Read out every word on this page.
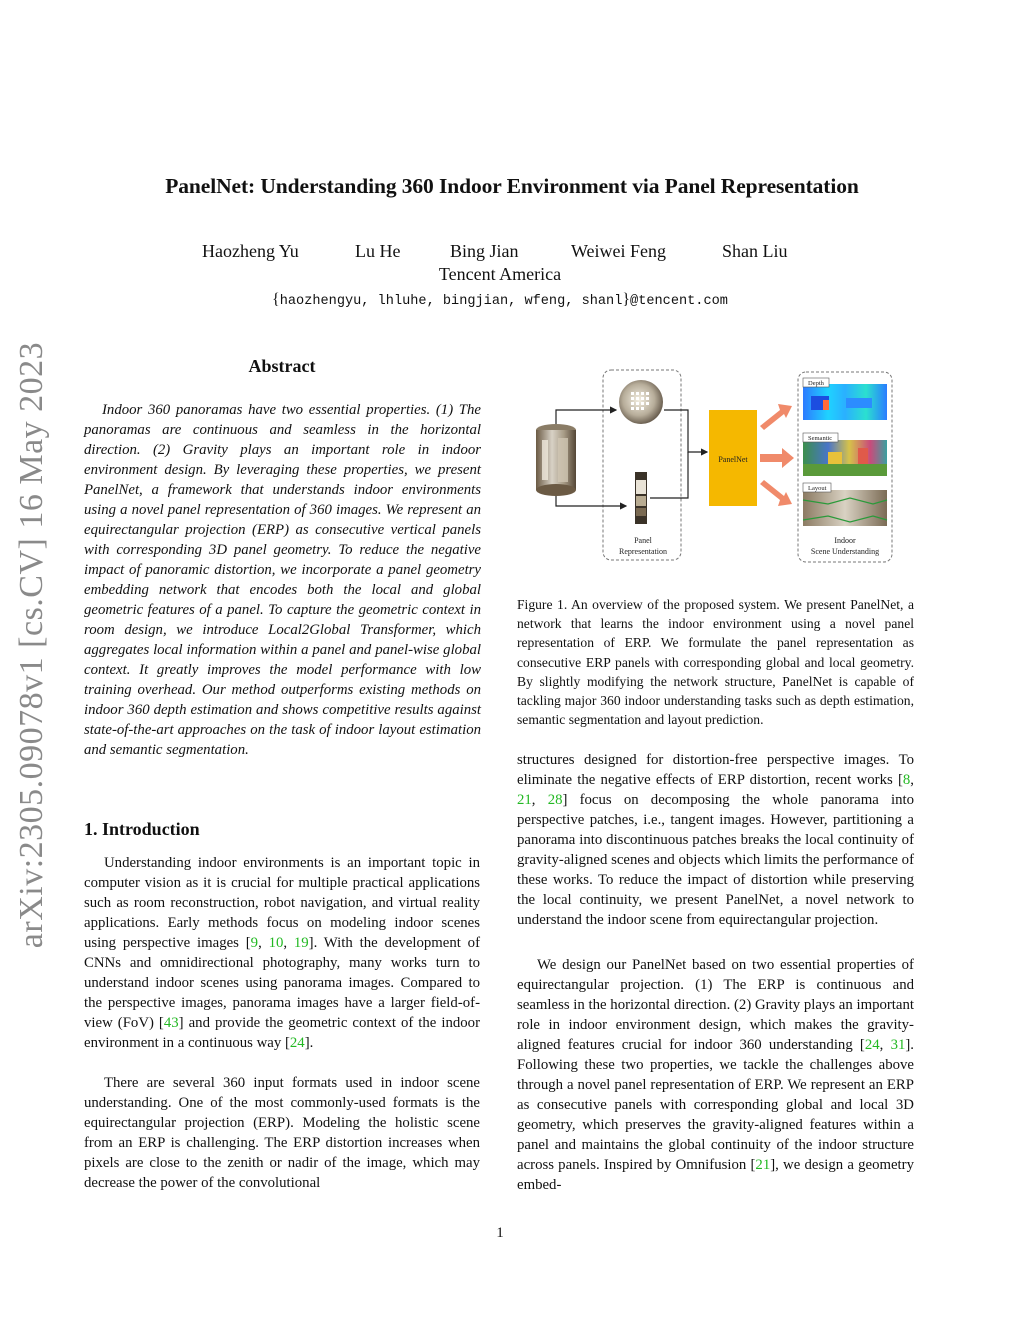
arXiv:2305.09078v1 [cs.CV] 16 May 2023
PanelNet: Understanding 360 Indoor Environment via Panel Representation
Haozheng Yu	Lu He	Bing Jian	Weiwei Feng	Shan Liu
Tencent America
{haozhengyu, lhluhe, bingjian, wfeng, shanl}@tencent.com
Abstract
Indoor 360 panoramas have two essential properties. (1) The panoramas are continuous and seamless in the horizontal direction. (2) Gravity plays an important role in indoor environment design. By leveraging these properties, we present PanelNet, a framework that understands indoor environments using a novel panel representation of 360 images. We represent an equirectangular projection (ERP) as consecutive vertical panels with corresponding 3D panel geometry. To reduce the negative impact of panoramic distortion, we incorporate a panel geometry embedding network that encodes both the local and global geometric features of a panel. To capture the geometric context in room design, we introduce Local2Global Transformer, which aggregates local information within a panel and panel-wise global context. It greatly improves the model performance with low training overhead. Our method outperforms existing methods on indoor 360 depth estimation and shows competitive results against state-of-the-art approaches on the task of indoor layout estimation and semantic segmentation.
1. Introduction
Understanding indoor environments is an important topic in computer vision as it is crucial for multiple practical applications such as room reconstruction, robot navigation, and virtual reality applications. Early methods focus on modeling indoor scenes using perspective images [9, 10, 19]. With the development of CNNs and omnidirectional photography, many works turn to understand indoor scenes using panorama images. Compared to the perspective images, panorama images have a larger field-of-view (FoV) [43] and provide the geometric context of the indoor environment in a continuous way [24].
There are several 360 input formats used in indoor scene understanding. One of the most commonly-used formats is the equirectangular projection (ERP). Modeling the holistic scene from an ERP is challenging. The ERP distortion increases when pixels are close to the zenith or nadir of the image, which may decrease the power of the convolutional
PanelNet
Depth
Semantic
Layout
Panel
Representation
Indoor
Scene Understanding
Figure 1. An overview of the proposed system. We present PanelNet, a network that learns the indoor environment using a novel panel representation of ERP. We formulate the panel representation as consecutive ERP panels with corresponding global and local geometry. By slightly modifying the network structure, PanelNet is capable of tackling major 360 indoor understanding tasks such as depth estimation, semantic segmentation and layout prediction.
structures designed for distortion-free perspective images. To eliminate the negative effects of ERP distortion, recent works [8, 21, 28] focus on decomposing the whole panorama into perspective patches, i.e., tangent images. However, partitioning a panorama into discontinuous patches breaks the local continuity of gravity-aligned scenes and objects which limits the performance of these works. To reduce the impact of distortion while preserving the local continuity, we present PanelNet, a novel network to understand the indoor scene from equirectangular projection.
We design our PanelNet based on two essential properties of equirectangular projection. (1) The ERP is continuous and seamless in the horizontal direction. (2) Gravity plays an important role in indoor environment design, which makes the gravity-aligned features crucial for indoor 360 understanding [24, 31]. Following these two properties, we tackle the challenges above through a novel panel representation of ERP. We represent an ERP as consecutive panels with corresponding global and local 3D geometry, which preserves the gravity-aligned features within a panel and maintains the global continuity of the indoor structure across panels. Inspired by Omnifusion [21], we design a geometry embed-
1
